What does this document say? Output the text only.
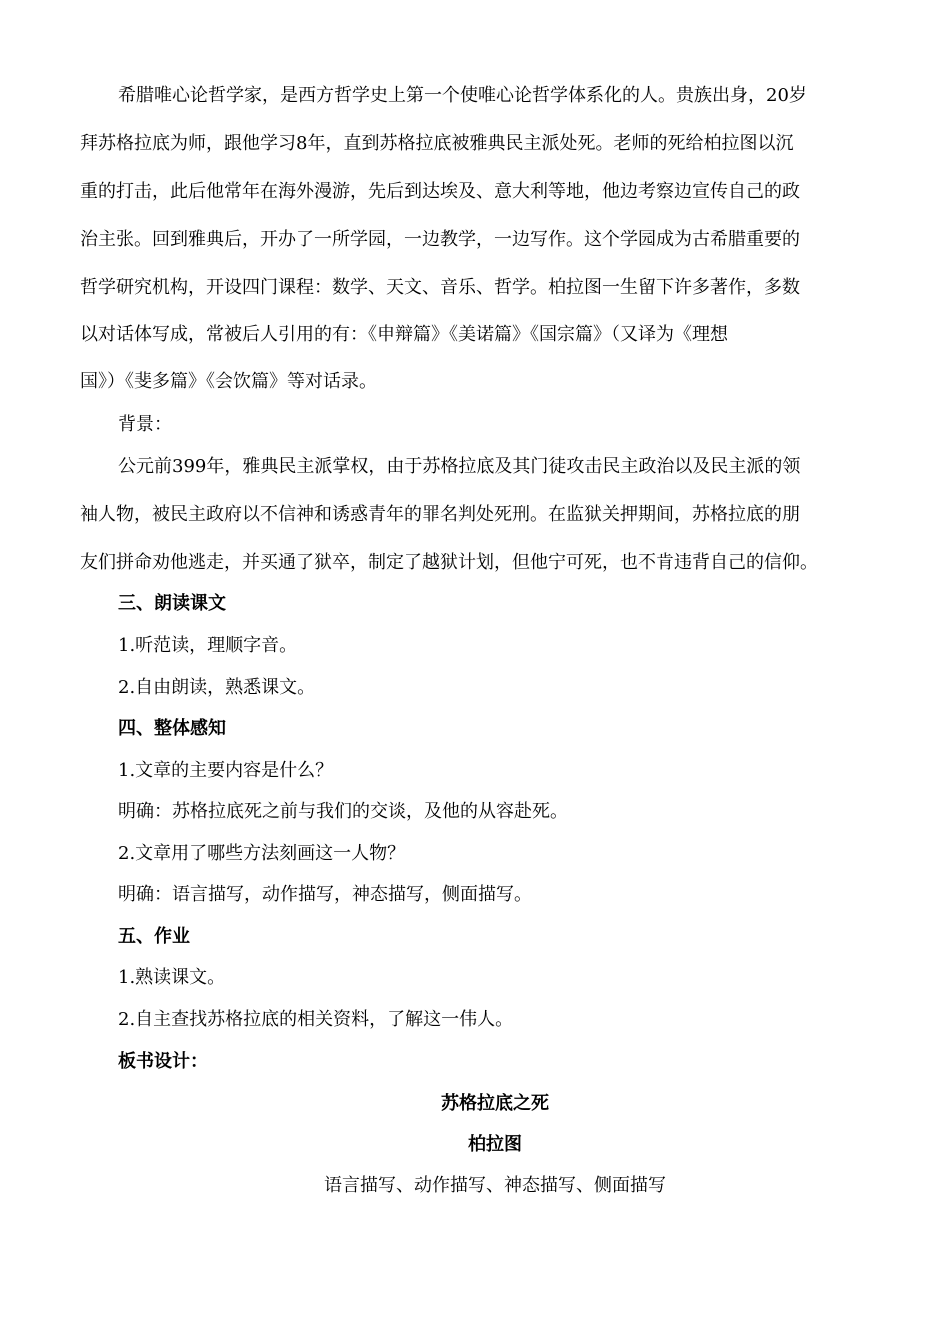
希腊唯心论哲学家，是西方哲学史上第一个使唯心论哲学体系化的人。贵族出身，20岁
拜苏格拉底为师，跟他学习8年，直到苏格拉底被雅典民主派处死。老师的死给柏拉图以沉
重的打击，此后他常年在海外漫游，先后到达埃及、意大利等地，他边考察边宣传自己的政
治主张。回到雅典后，开办了一所学园，一边教学，一边写作。这个学园成为古希腊重要的
哲学研究机构，开设四门课程：数学、天文、音乐、哲学。柏拉图一生留下许多著作，多数
以对话体写成，常被后人引用的有：《申辩篇》《美诺篇》《国宗篇》（又译为《理想
国》）《斐多篇》《会饮篇》等对话录。
背景：
公元前399年，雅典民主派掌权，由于苏格拉底及其门徒攻击民主政治以及民主派的领
袖人物，被民主政府以不信神和诱惑青年的罪名判处死刑。在监狱关押期间，苏格拉底的朋
友们拼命劝他逃走，并买通了狱卒，制定了越狱计划，但他宁可死，也不肯违背自己的信仰。
三、朗读课文
1.听范读，理顺字音。
2.自由朗读，熟悉课文。
四、整体感知
1.文章的主要内容是什么？
明确：苏格拉底死之前与我们的交谈，及他的从容赴死。
2.文章用了哪些方法刻画这一人物？
明确：语言描写，动作描写，神态描写，侧面描写。
五、作业
1.熟读课文。
2.自主查找苏格拉底的相关资料，了解这一伟人。
板书设计：
苏格拉底之死
柏拉图
语言描写、动作描写、神态描写、侧面描写
